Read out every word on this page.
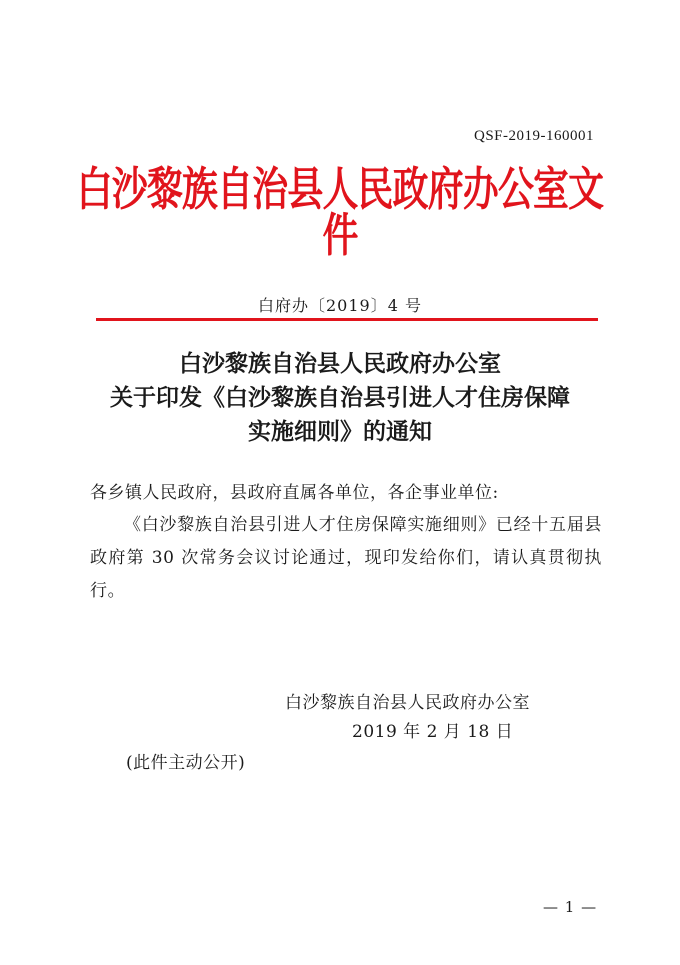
QSF-2019-160001
白沙黎族自治县人民政府办公室文件
白府办〔2019〕4 号
白沙黎族自治县人民政府办公室
关于印发《白沙黎族自治县引进人才住房保障
实施细则》的通知
各乡镇人民政府，县政府直属各单位，各企事业单位:
《白沙黎族自治县引进人才住房保障实施细则》已经十五届县政府第 30 次常务会议讨论通过，现印发给你们，请认真贯彻执行。
白沙黎族自治县人民政府办公室
2019 年 2 月 18 日
(此件主动公开)
— 1 —
